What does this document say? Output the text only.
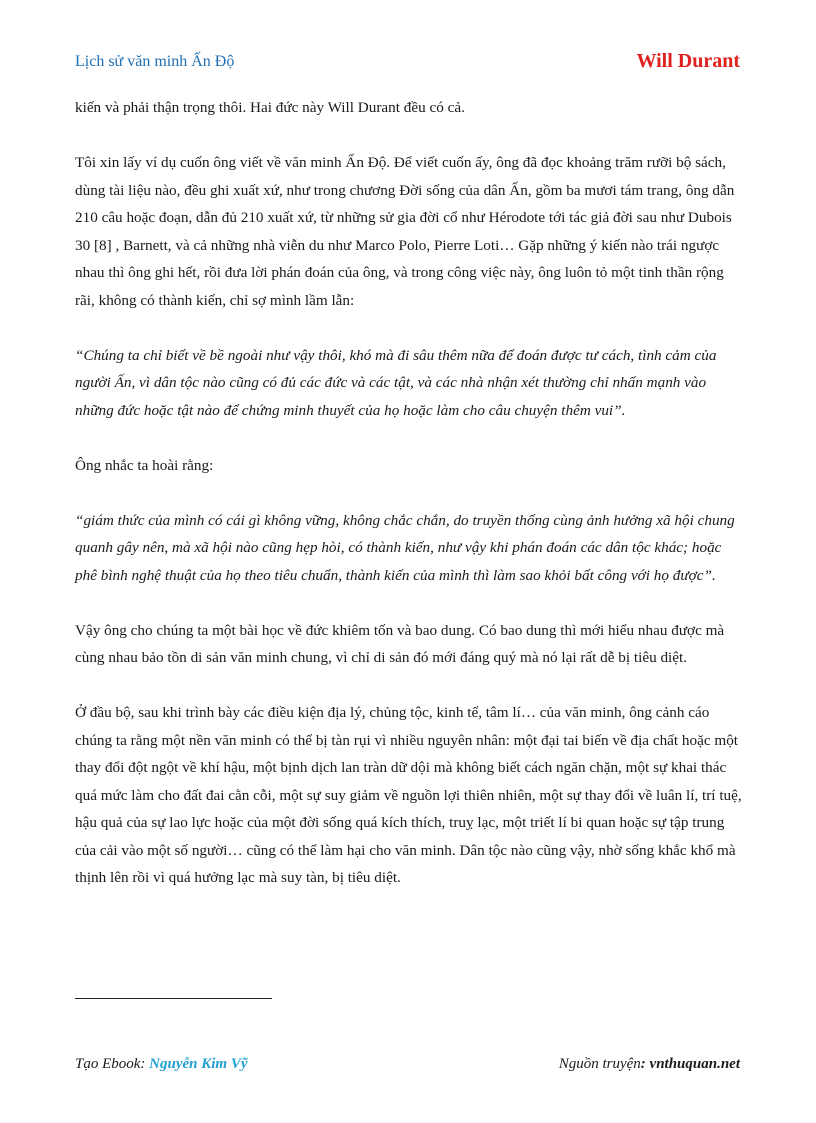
Lịch sử văn minh Ấn Độ	Will Durant

kiến và phải thận trọng thôi. Hai đức này Will Durant đều có cả.

Tôi xin lấy ví dụ cuốn ông viết về văn minh Ấn Độ. Để viết cuốn ấy, ông đã đọc khoảng trăm rưỡi bộ sách, dùng tài liệu nào, đều ghi xuất xứ, như trong chương Đời sống của dân Ấn, gồm ba mươi tám trang, ông dẫn 210 câu hoặc đoạn, dẫn đủ 210 xuất xứ, từ những sử gia đời cổ như Hérodote tới tác giả đời sau như Dubois 30 [8] , Barnett, và cả những nhà viễn du như Marco Polo, Pierre Loti… Gặp những ý kiến nào trái ngược nhau thì ông ghi hết, rồi đưa lời phán đoán của ông, và trong công việc này, ông luôn tỏ một tinh thần rộng rãi, không có thành kiến, chỉ sợ mình lầm lẫn:

“Chúng ta chỉ biết về bề ngoài như vậy thôi, khó mà đi sâu thêm nữa để đoán được tư cách, tình cảm của người Ấn, vì dân tộc nào cũng có đủ các đức và các tật, và các nhà nhận xét thường chỉ nhấn mạnh vào những đức hoặc tật nào để chứng minh thuyết của họ hoặc làm cho câu chuyện thêm vui”.

Ông nhắc ta hoài rằng:

“giám thức của mình có cái gì không vững, không chắc chắn, do truyền thống cùng ảnh hưởng xã hội chung quanh gây nên, mà xã hội nào cũng hẹp hòi, có thành kiến, như vậy khi phán đoán các dân tộc khác; hoặc phê bình nghệ thuật của họ theo tiêu chuẩn, thành kiến của mình thì làm sao khỏi bất công với họ được”.

Vậy ông cho chúng ta một bài học về đức khiêm tốn và bao dung. Có bao dung thì mới hiểu nhau được mà cùng nhau bảo tồn di sản văn minh chung, vì chỉ di sản đó mới đáng quý mà nó lại rất dễ bị tiêu diệt.

Ở đầu bộ, sau khi trình bày các điều kiện địa lý, chủng tộc, kinh tế, tâm lí… của văn minh, ông cảnh cáo chúng ta rằng một nền văn minh có thể bị tàn rụi vì nhiều nguyên nhân: một đại tai biến về địa chất hoặc một thay đổi đột ngột về khí hậu, một bịnh dịch lan tràn dữ dội mà không biết cách ngăn chặn, một sự khai thác quá mức làm cho đất đai cằn cỗi, một sự suy giảm về nguồn lợi thiên nhiên, một sự thay đổi về luân lí, trí tuệ, hậu quả của sự lao lực hoặc của một đời sống quá kích thích, truỵ lạc, một triết lí bi quan hoặc sự tập trung của cải vào một số người… cũng có thể làm hại cho văn minh. Dân tộc nào cũng vậy, nhờ sống khắc khổ mà thịnh lên rồi vì quá hưởng lạc mà suy tàn, bị tiêu diệt.

Tạo Ebook: Nguyễn Kim Vỹ	Nguồn truyện: vnthuquan.net
